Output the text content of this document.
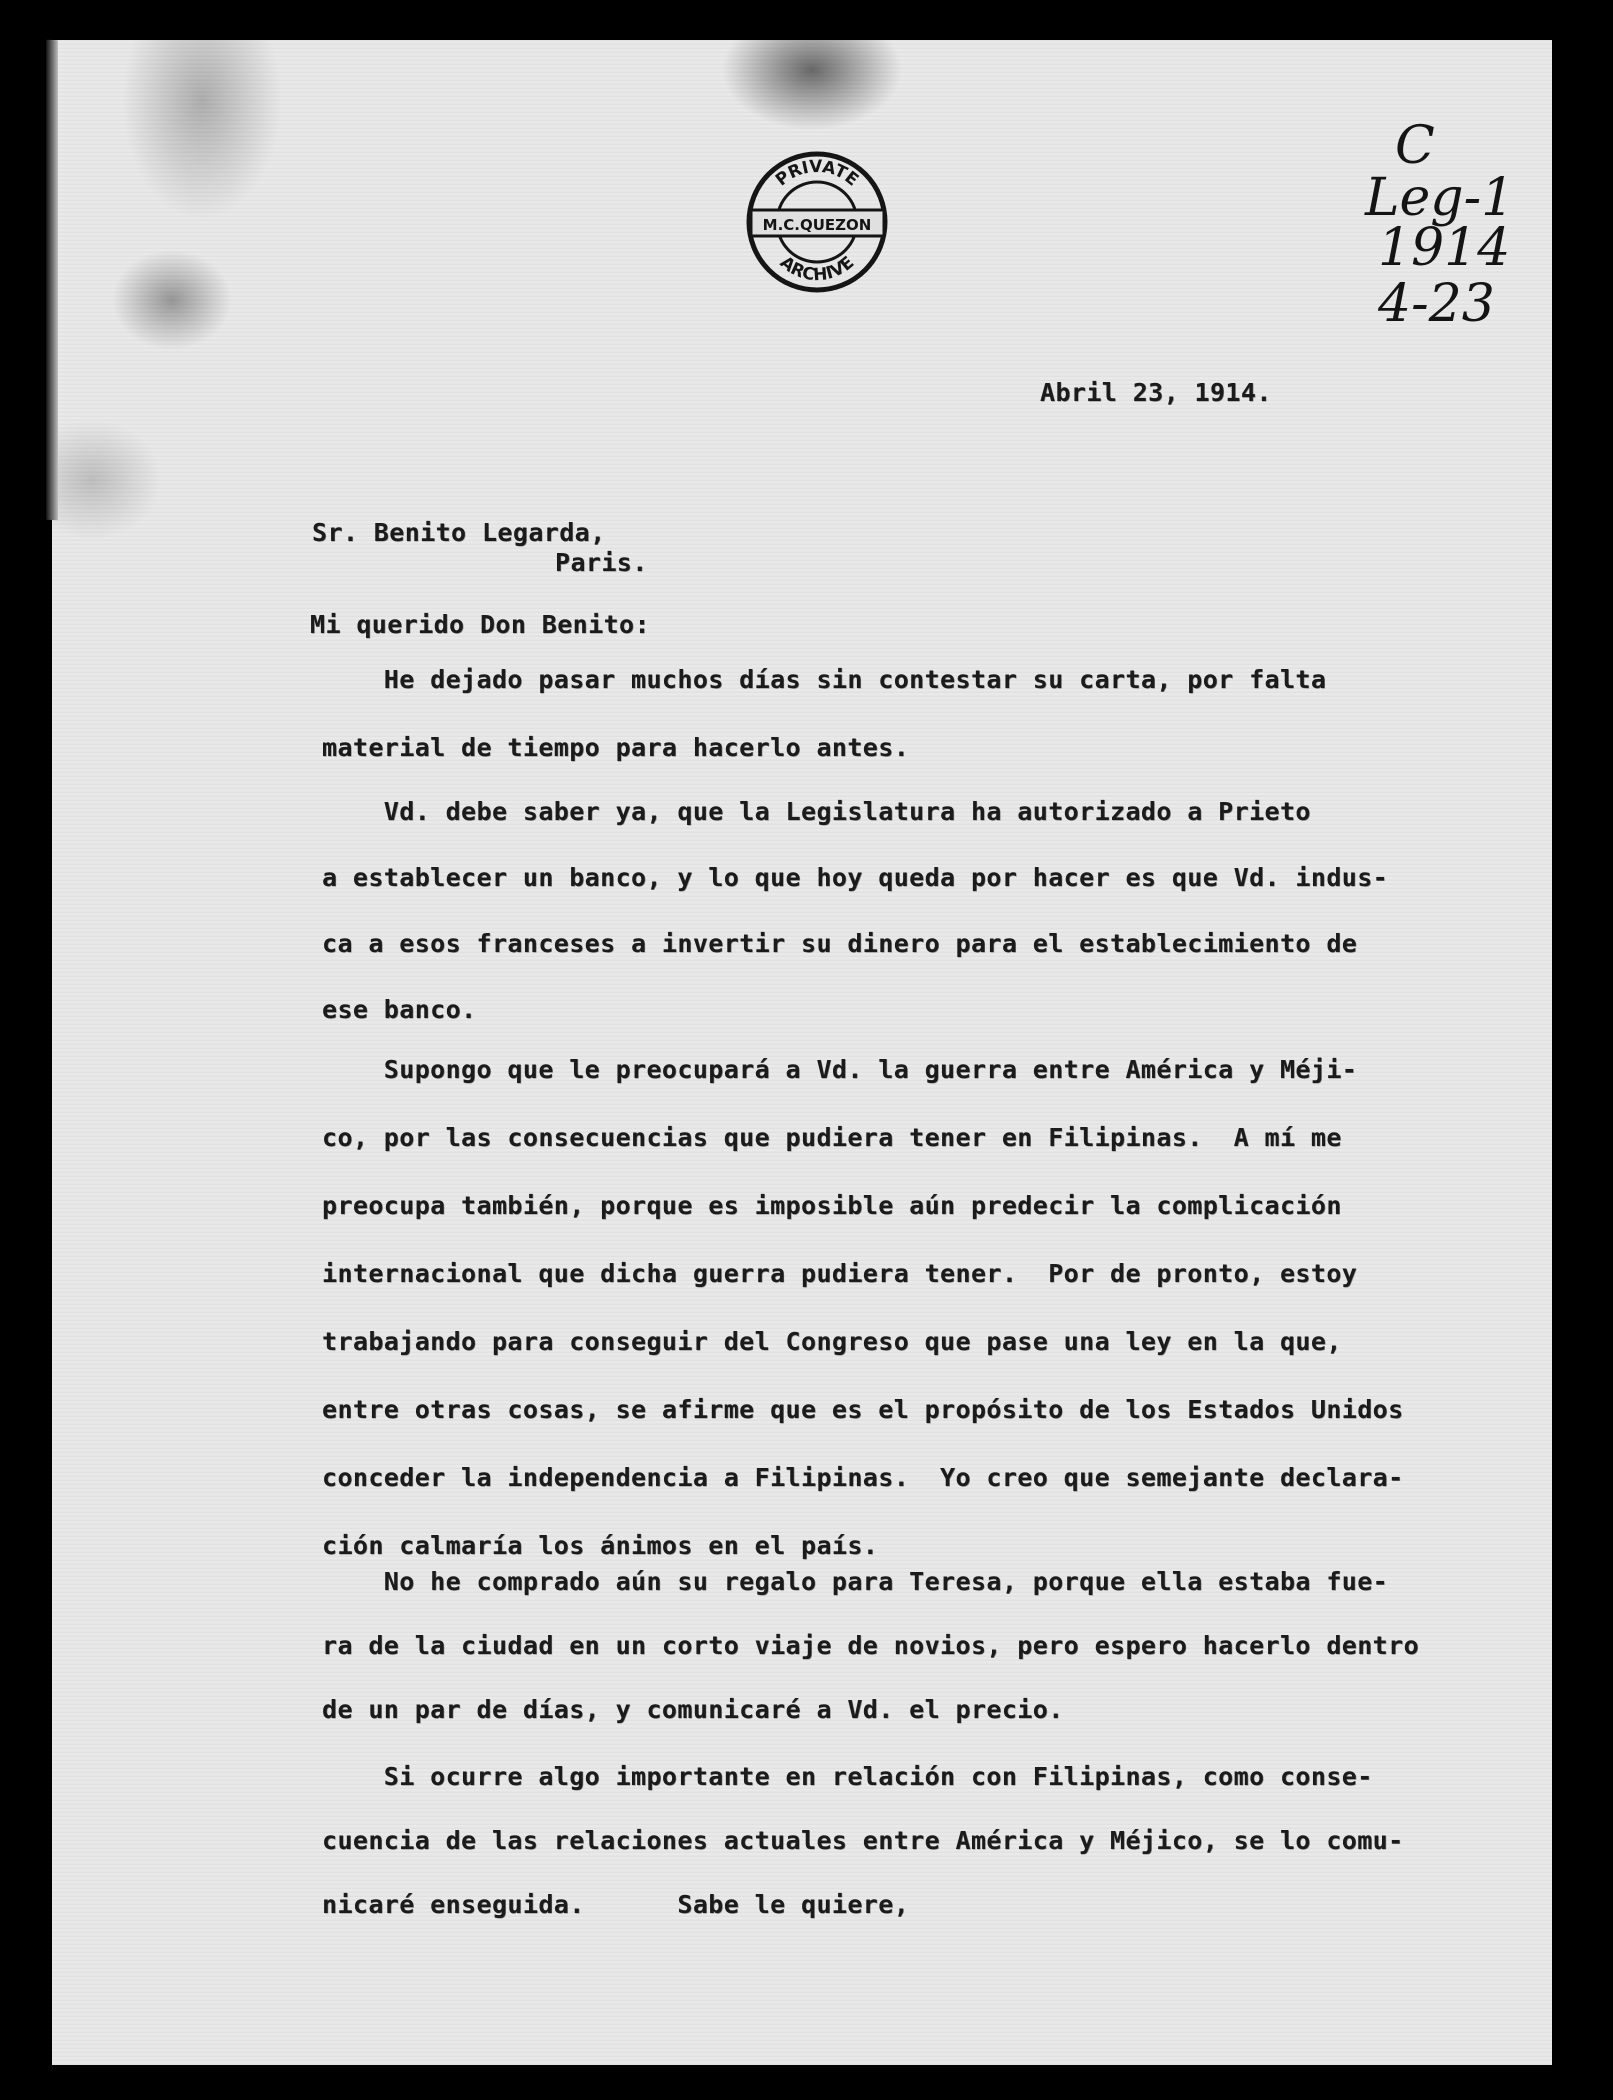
PRIVATE
M.C.QUEZON
ARCHIVE
C
Leg-1
1914
4-23
Abril 23, 1914.
Sr. Benito Legarda,
Paris.
Mi querido Don Benito:
He dejado pasar muchos días sin contestar su carta, por falta
material de tiempo para hacerlo antes.
Vd. debe saber ya, que la Legislatura ha autorizado a Prieto
a establecer un banco, y lo que hoy queda por hacer es que Vd. indus-
ca a esos franceses a invertir su dinero para el establecimiento de
ese banco.
Supongo que le preocupará a Vd. la guerra entre América y Méji-
co, por las consecuencias que pudiera tener en Filipinas.  A mí me
preocupa también, porque es imposible aún predecir la complicación
internacional que dicha guerra pudiera tener.  Por de pronto, estoy
trabajando para conseguir del Congreso que pase una ley en la que,
entre otras cosas, se afirme que es el propósito de los Estados Unidos
conceder la independencia a Filipinas.  Yo creo que semejante declara-
ción calmaría los ánimos en el país.
No he comprado aún su regalo para Teresa, porque ella estaba fue-
ra de la ciudad en un corto viaje de novios, pero espero hacerlo dentro
de un par de días, y comunicaré a Vd. el precio.
Si ocurre algo importante en relación con Filipinas, como conse-
cuencia de las relaciones actuales entre América y Méjico, se lo comu-
nicaré enseguida.      Sabe le quiere,
